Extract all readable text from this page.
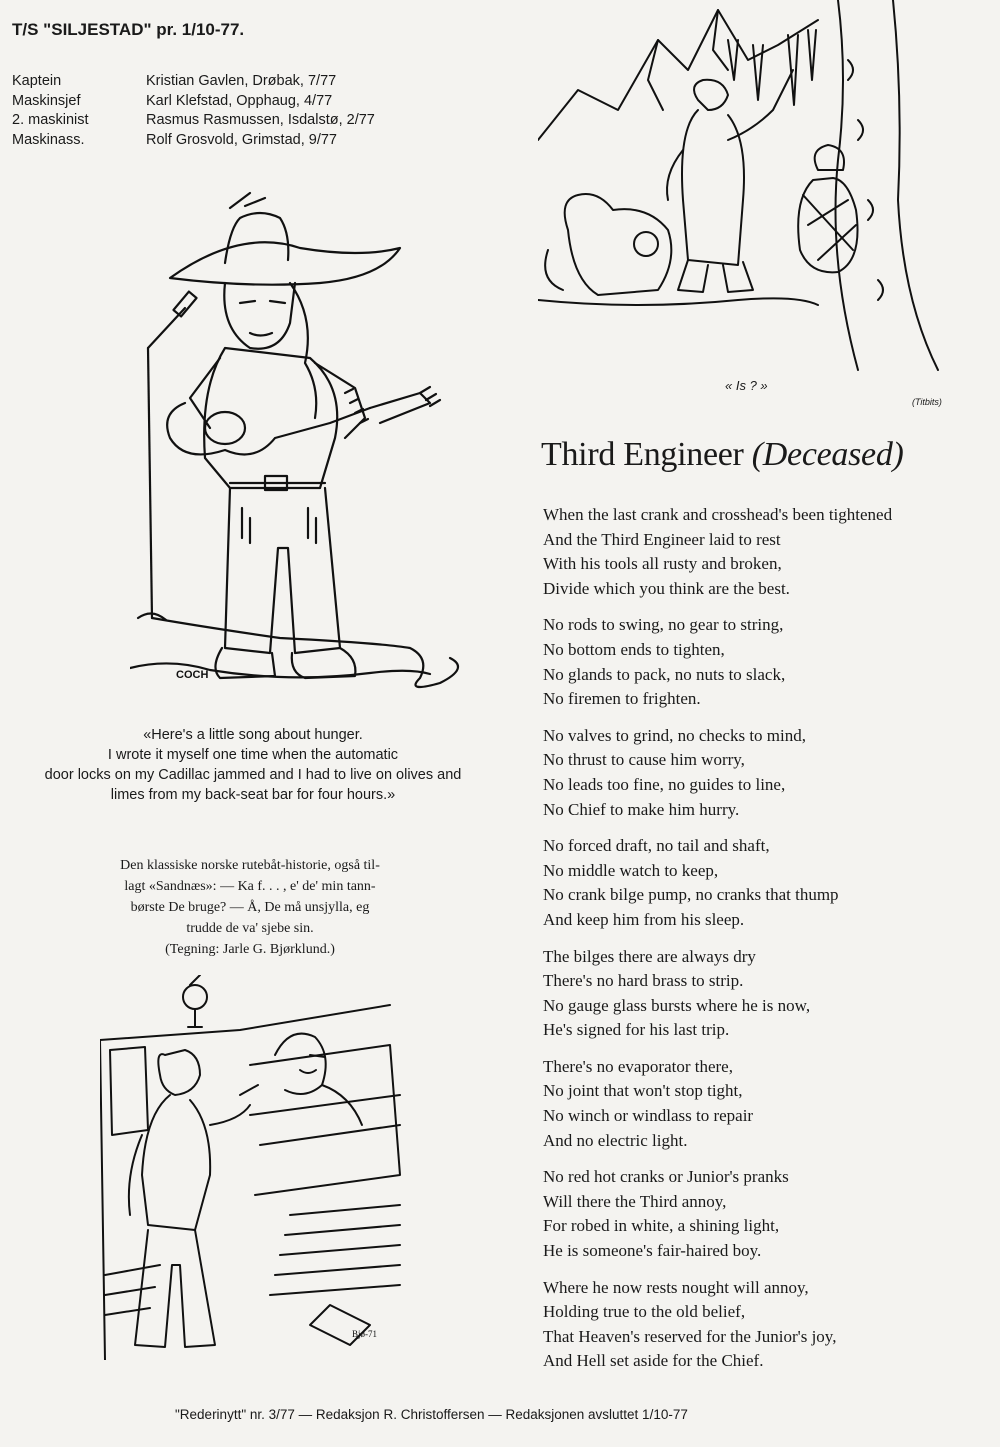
T/S "SILJESTAD" pr. 1/10-77.
Kaptein	Kristian Gavlen, Drøbak, 7/77
Maskinsjef	Karl Klefstad, Opphaug, 4/77
2. maskinist	Rasmus Rasmussen, Isdalstø, 2/77
Maskinass.	Rolf Grosvold, Grimstad, 9/77
COCH
«Here's a little song about hunger.
I wrote it myself one time when the automatic
door locks on my Cadillac jammed and I had to live on olives and
limes from my back-seat bar for four hours.»
Den klassiske norske rutebåt-historie, også til-
lagt «Sandnæs»: — Ka f. . . , e' de' min tann-
børste De bruge? — Å, De må unsjylla, eg
trudde de va' sjebe sin.
(Tegning: Jarle G. Bjørklund.)
Bjø-71
« Is ? »
(Titbits)
Third Engineer (Deceased)

When the last crank and crosshead's been tightened
And the Third Engineer laid to rest
With his tools all rusty and broken,
Divide which you think are the best.

No rods to swing, no gear to string,
No bottom ends to tighten,
No glands to pack, no nuts to slack,
No firemen to frighten.

No valves to grind, no checks to mind,
No thrust to cause him worry,
No leads too fine, no guides to line,
No Chief to make him hurry.

No forced draft, no tail and shaft,
No middle watch to keep,
No crank bilge pump, no cranks that thump
And keep him from his sleep.

The bilges there are always dry
There's no hard brass to strip.
No gauge glass bursts where he is now,
He's signed for his last trip.

There's no evaporator there,
No joint that won't stop tight,
No winch or windlass to repair
And no electric light.

No red hot cranks or Junior's pranks
Will there the Third annoy,
For robed in white, a shining light,
He is someone's fair-haired boy.

Where he now rests nought will annoy,
Holding true to the old belief,
That Heaven's reserved for the Junior's joy,
And Hell set aside for the Chief.

"Rederinytt" nr. 3/77 — Redaksjon R. Christoffersen — Redaksjonen avsluttet 1/10-77
